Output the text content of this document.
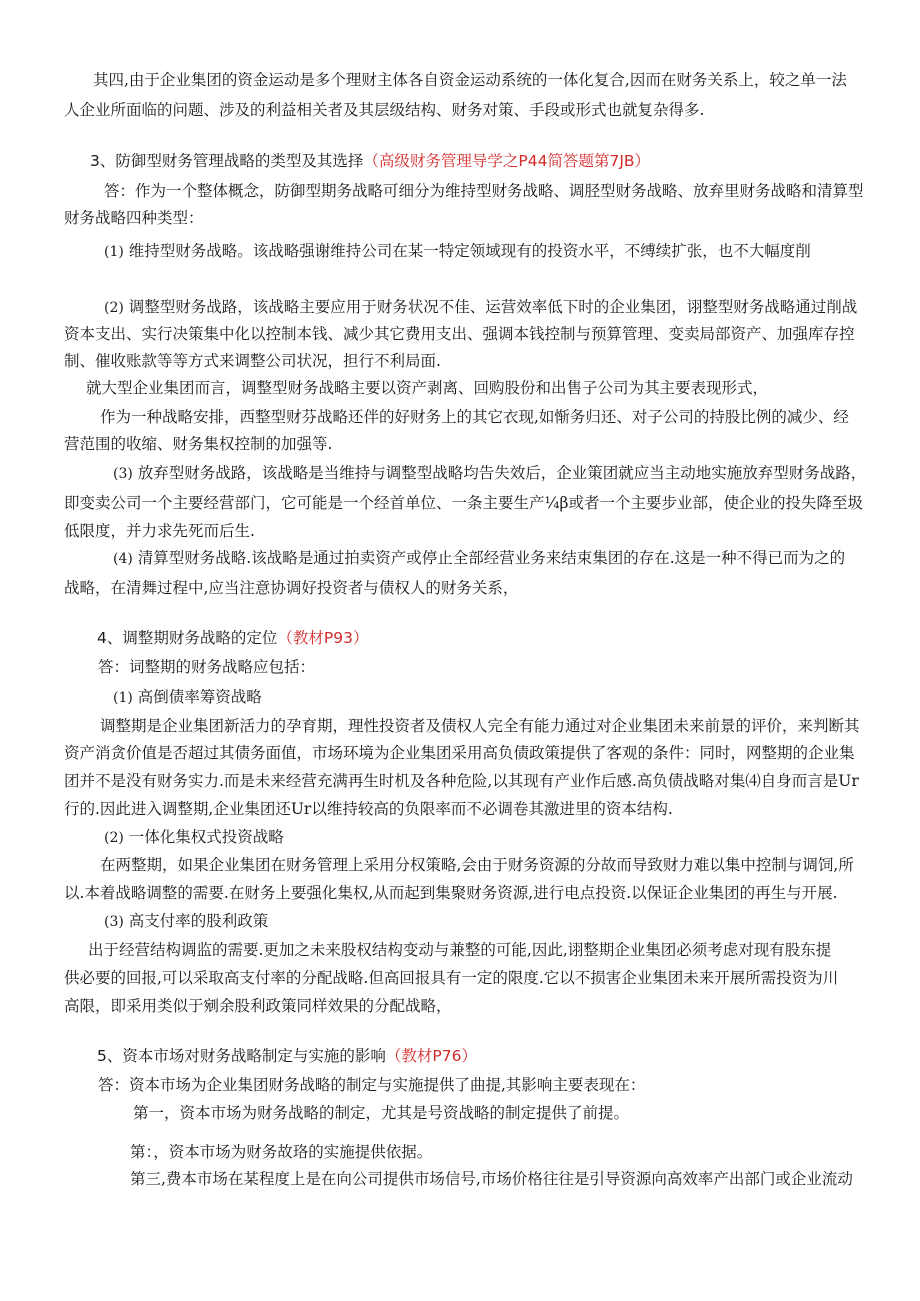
其四,由于企业集团的资金运动是多个理财主体各自资金运动系统的一体化复合,因而在财务关系上，较之单一法
人企业所面临的问题、涉及的利益相关者及其层级结构、财务对策、手段或形式也就复杂得多.
3、防御型财务管理战略的类型及其选择（高级财务管理导学之P44简答题第7JB）
答：作为一个整体概念，防御型期务战略可细分为维持型财务战略、调胫型财务战略、放弃里财务战略和清算型
财务战略四种类型：
(1) 维持型财务战略。该战略强谢维持公司在某一特定领域现有的投资水平，不缚续扩张，也不大幅度削
(2) 调整型财务战路，该战略主要应用于财务状况不佳、运营效率低下时的企业集团，诩整型财务战略通过削战
资本支出、实行决策集中化以控制本钱、减少其它费用支出、强调本钱控制与预算管理、变卖局部资产、加强库存控
制、催收账款等等方式来调整公司状况，担行不利局面.
就大型企业集团而言，调整型财务战略主要以资产剥离、回购股份和出售子公司为其主要表现形式，
作为一种战略安排，西整型财芬战略还伴的好财务上的其它衣现,如惭务归还、对子公司的持股比例的减少、经
营范围的收缩、财务集权控制的加强等.
(3) 放弃型财务战路，该战略是当维持与调整型战略均告失效后，企业策团就应当主动地实施放弃型财务战路，
即变卖公司一个主要经营部门，它可能是一个经首单位、一条主要生产¼β或者一个主要步业部，使企业的投失降至圾
低限度，并力求先死而后生.
(4) 清算型财务战略.该战略是通过拍卖资产或停止全部经营业务来结束集团的存在.这是一种不得已而为之的
战略，在清舞过程中,应当注意协调好投资者与债权人的财务关系，
4、调整期财务战略的定位（教材P93）
答：词整期的财务战略应包括：
(1) 高倒债率筹资战略
调整期是企业集团新活力的孕育期，理性投资者及债权人完全有能力通过对企业集团未来前景的评价，来判断其
资产消贪价值是否超过其债务面值，市场环境为企业集团采用高负债政策提供了客观的条件：同时，网整期的企业集
团并不是没有财务实力.而是未来经营充满再生时机及各种危险,以其现有产业作后感.高负债战略对集⑷自身而言是Ur
行的.因此进入调整期,企业集团还Ur以维持较高的负限率而不必调卷其激进里的资本结构.
(2) 一体化集权式投资战略
在两整期，如果企业集团在财务管理上采用分权策略,会由于财务资源的分故而导致财力难以集中控制与调饲,所
以.本着战略调整的需要.在财务上要强化集权,从而起到集聚财务资源,进行电点投资.以保证企业集团的再生与开展.
(3) 高支付率的股利政策
出于经营结构调监的需要.更加之未来股权结构变动与兼整的可能,因此,诩整期企业集团必须考虑对现有股东提
供必要的回报,可以采取高支付率的分配战略.但高回报具有一定的限度.它以不损害企业集团未来开展所需投资为川
高限，即采用类似于剜余股利政策同样效果的分配战略，
5、资本市场对财务战略制定与实施的影响（教材P76）
答：资本市场为企业集团财务战略的制定与实施提供了曲提,其影响主要表现在：
第一，资本市场为财务战略的制定，尤其是号资战略的制定提供了前提。
第：，资本市场为财务故珞的实施提供依据。
第三,费本市场在某程度上是在向公司提供市场信号,市场价格往往是引导资源向高效率产出部门或企业流动
